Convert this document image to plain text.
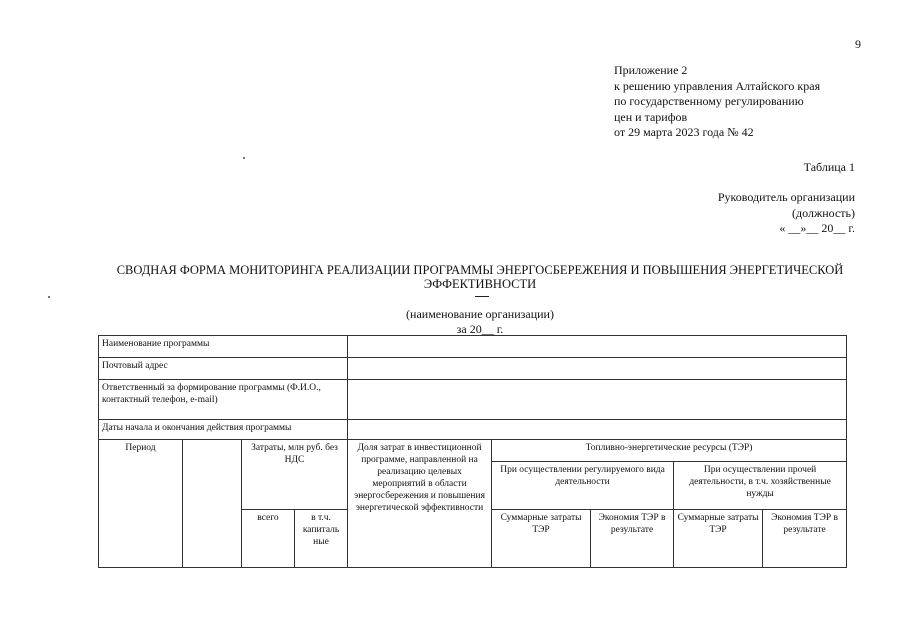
9
Приложение 2
к решению управления Алтайского края
по государственному регулированию
цен и тарифов
от 29 марта 2023 года № 42
Таблица 1
Руководитель организации
(должность)
« __»__ 20__ г.
СВОДНАЯ ФОРМА МОНИТОРИНГА РЕАЛИЗАЦИИ ПРОГРАММЫ ЭНЕРГОСБЕРЕЖЕНИЯ И ПОВЫШЕНИЯ ЭНЕРГЕТИЧЕСКОЙ ЭФФЕКТИВНОСТИ
(наименование организации)
за 20__ г.
Наименование программы								
Почтовый адрес								
Ответственный за формирование программы (Ф.И.О., контактный телефон, e-mail)								
Даты начала и окончания действия программы								
Период		Затраты, млн руб. без НДС		Доля затрат в инвестиционной программе, направленной на реализацию целевых мероприятий в области энергосбережения и повышения энергетической эффективности	Топливно-энергетические ресурсы (ТЭР)			
					При осуществлении регулируемого вида деятельности		При осуществлении прочей деятельности, в т.ч. хозяйственные нужды	
		всего	в т.ч. капиталь ные		Суммарные затраты ТЭР	Экономия ТЭР в результате	Суммарные затраты ТЭР	Экономия ТЭР в результате
